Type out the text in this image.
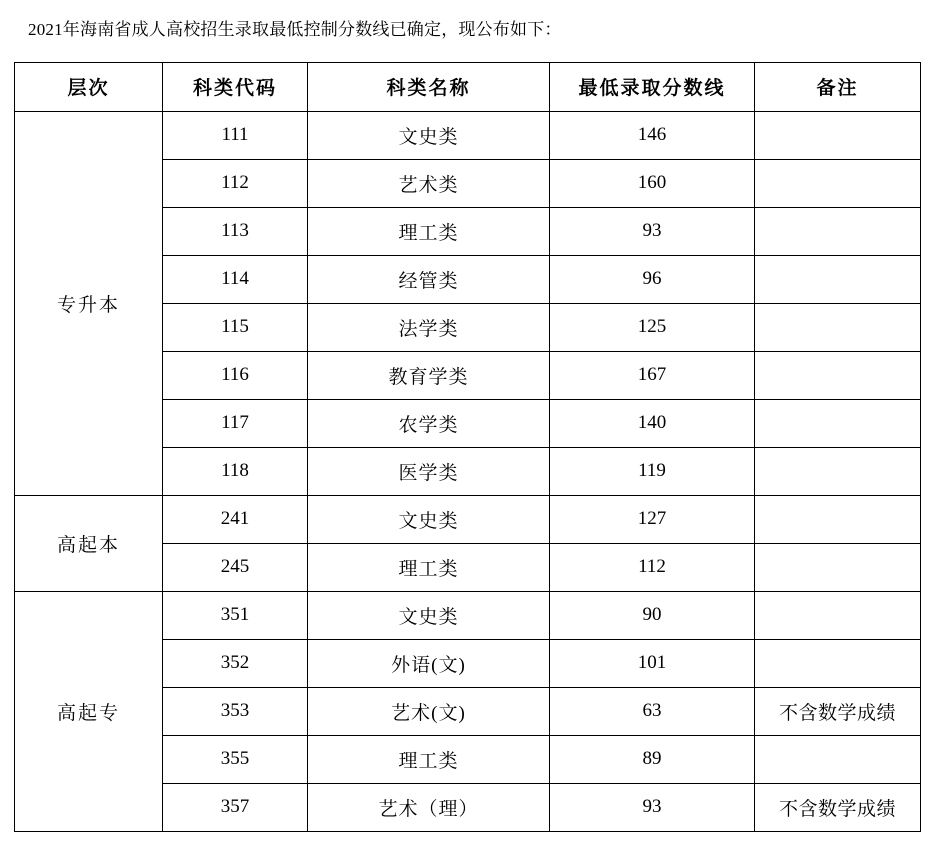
2021年海南省成人高校招生录取最低控制分数线已确定，现公布如下：
层次	科类代码	科类名称	最低录取分数线	备注
专升本	111	文史类	146	
	112	艺术类	160	
	113	理工类	93	
	114	经管类	96	
	115	法学类	125	
	116	教育学类	167	
	117	农学类	140	
	118	医学类	119	
高起本	241	文史类	127	
	245	理工类	112	
高起专	351	文史类	90	
	352	外语(文)	101	
	353	艺术(文)	63	不含数学成绩
	355	理工类	89	
	357	艺术（理）	93	不含数学成绩
